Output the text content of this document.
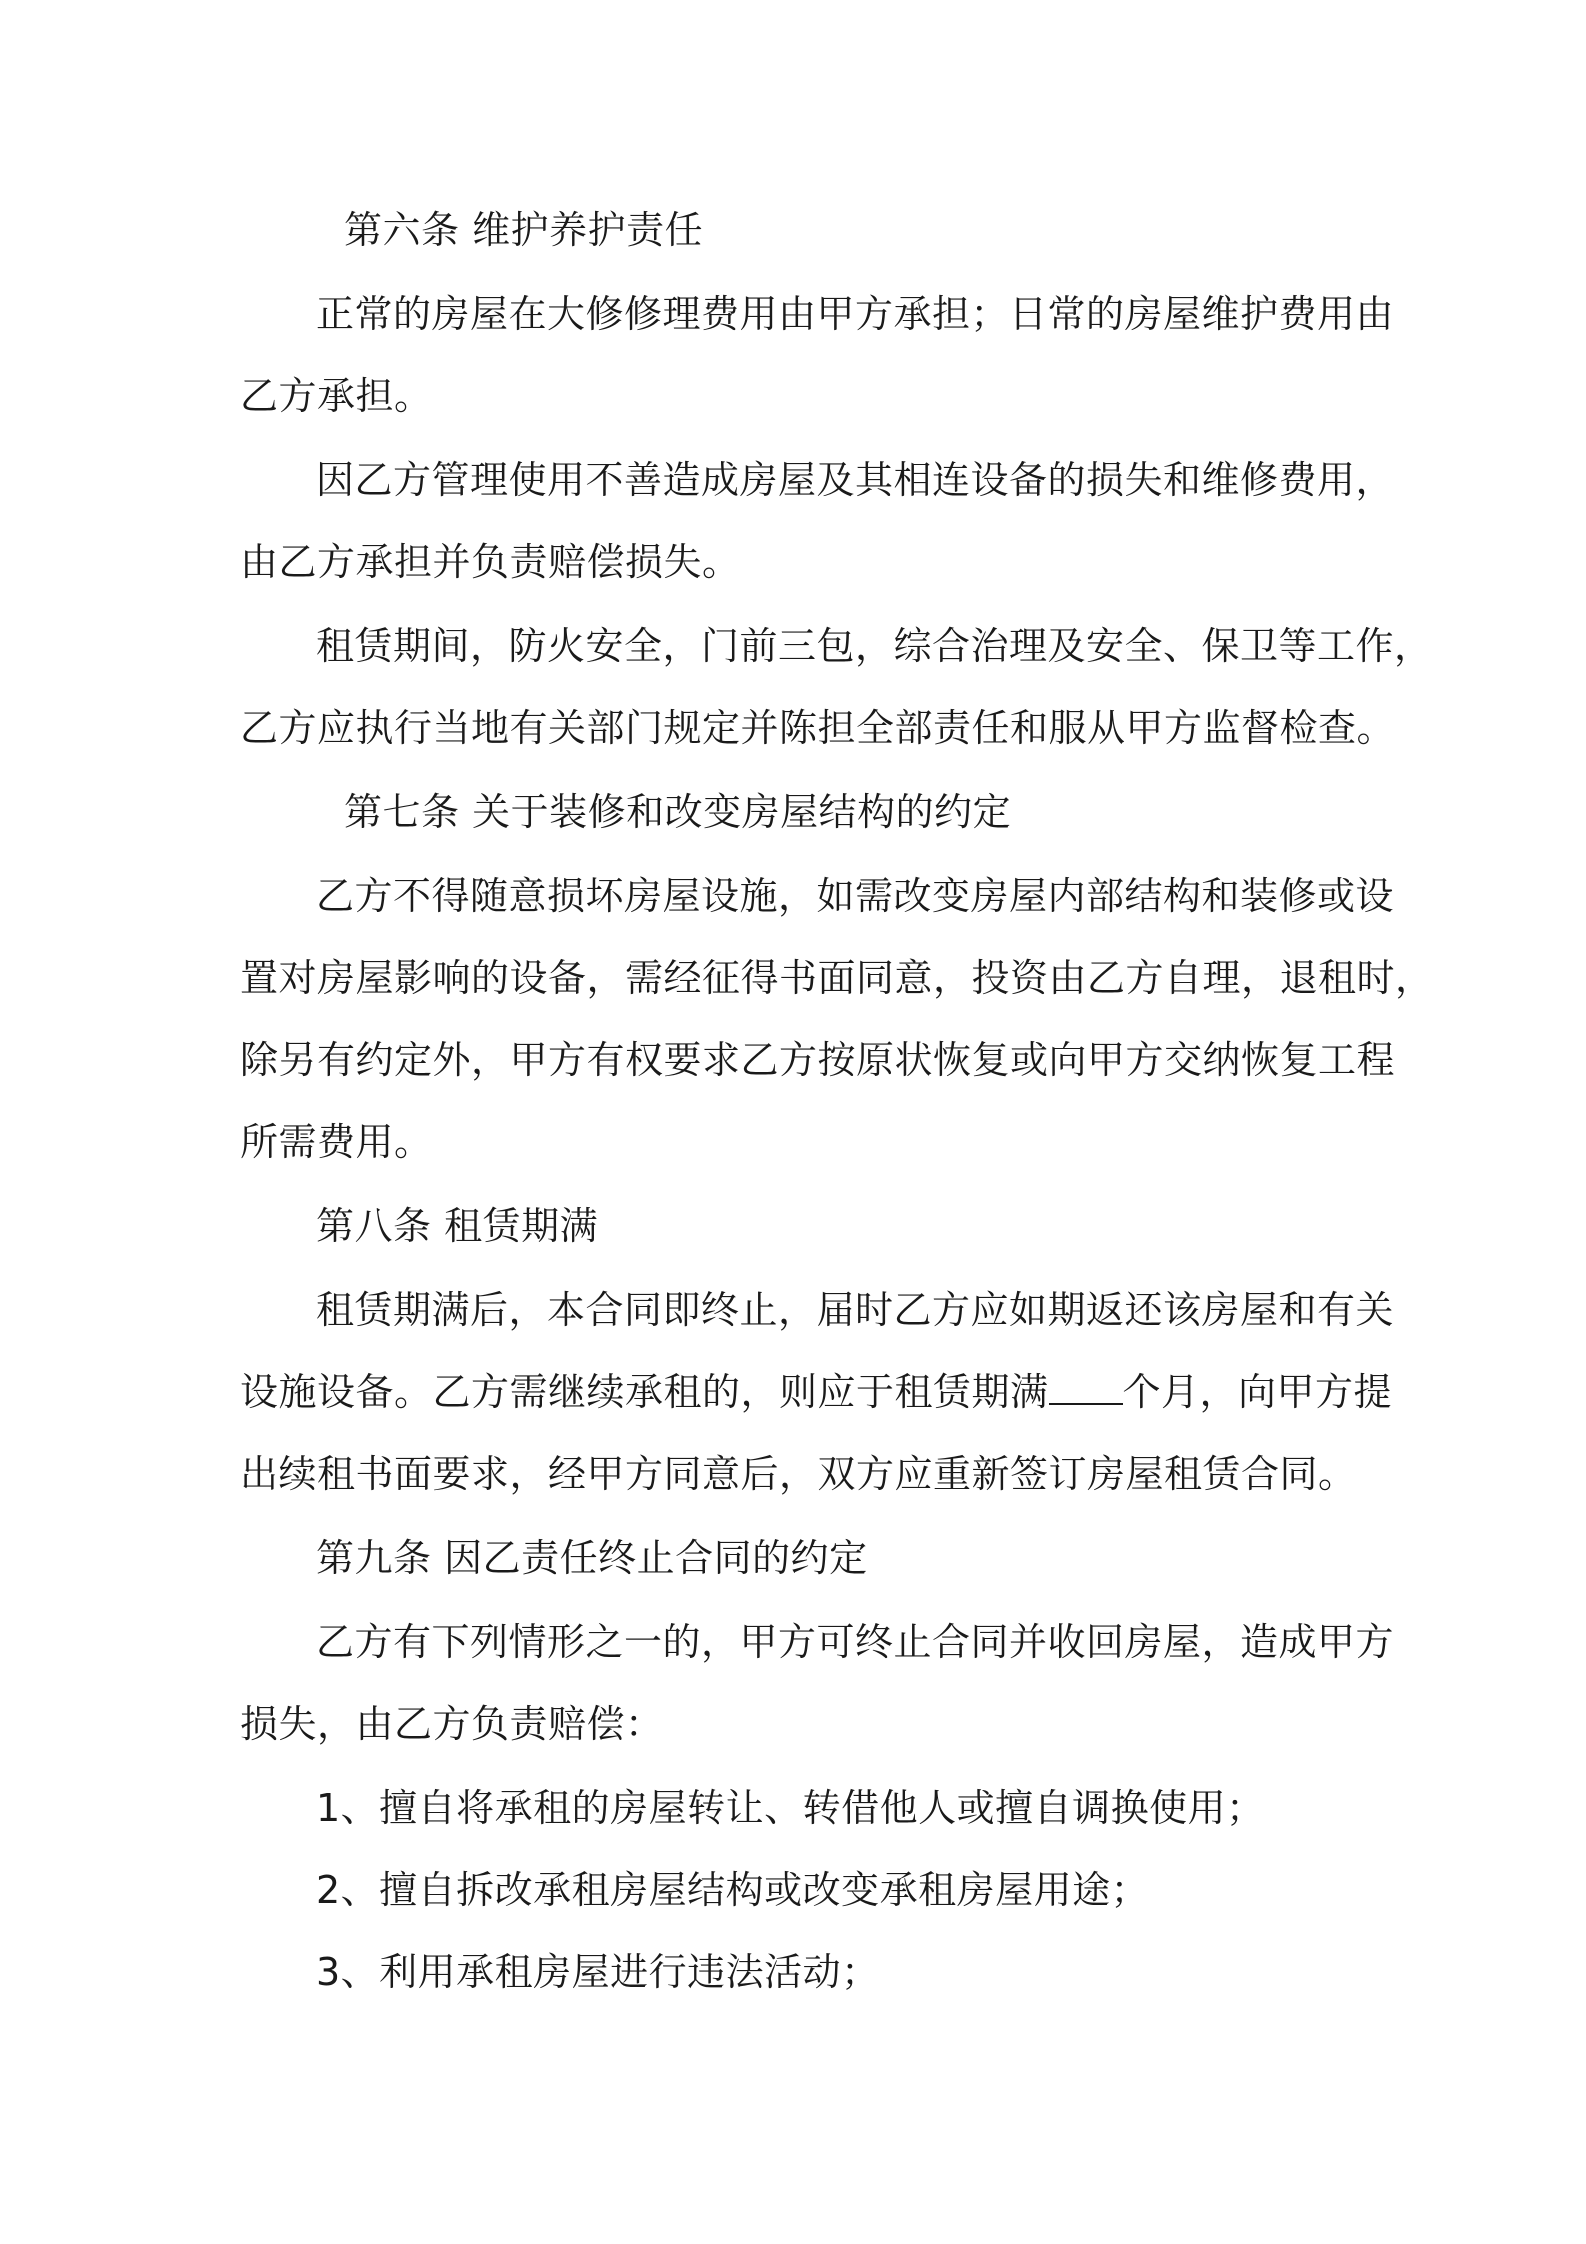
第六条 维护养护责任
正常的房屋在大修修理费用由甲方承担；日常的房屋维护费用由
乙方承担。
因乙方管理使用不善造成房屋及其相连设备的损失和维修费用，
由乙方承担并负责赔偿损失。
租赁期间，防火安全，门前三包，综合治理及安全、保卫等工作，
乙方应执行当地有关部门规定并陈担全部责任和服从甲方监督检查。
第七条 关于装修和改变房屋结构的约定
乙方不得随意损坏房屋设施，如需改变房屋内部结构和装修或设
置对房屋影响的设备，需经征得书面同意，投资由乙方自理，退租时，
除另有约定外，甲方有权要求乙方按原状恢复或向甲方交纳恢复工程
所需费用。
第八条 租赁期满
租赁期满后，本合同即终止，届时乙方应如期返还该房屋和有关
设施设备。乙方需继续承租的，则应于租赁期满 个月，向甲方提
出续租书面要求，经甲方同意后，双方应重新签订房屋租赁合同。
第九条 因乙责任终止合同的约定
乙方有下列情形之一的，甲方可终止合同并收回房屋，造成甲方
损失，由乙方负责赔偿：
1、擅自将承租的房屋转让、转借他人或擅自调换使用；
2、擅自拆改承租房屋结构或改变承租房屋用途；
3、利用承租房屋进行违法活动；
